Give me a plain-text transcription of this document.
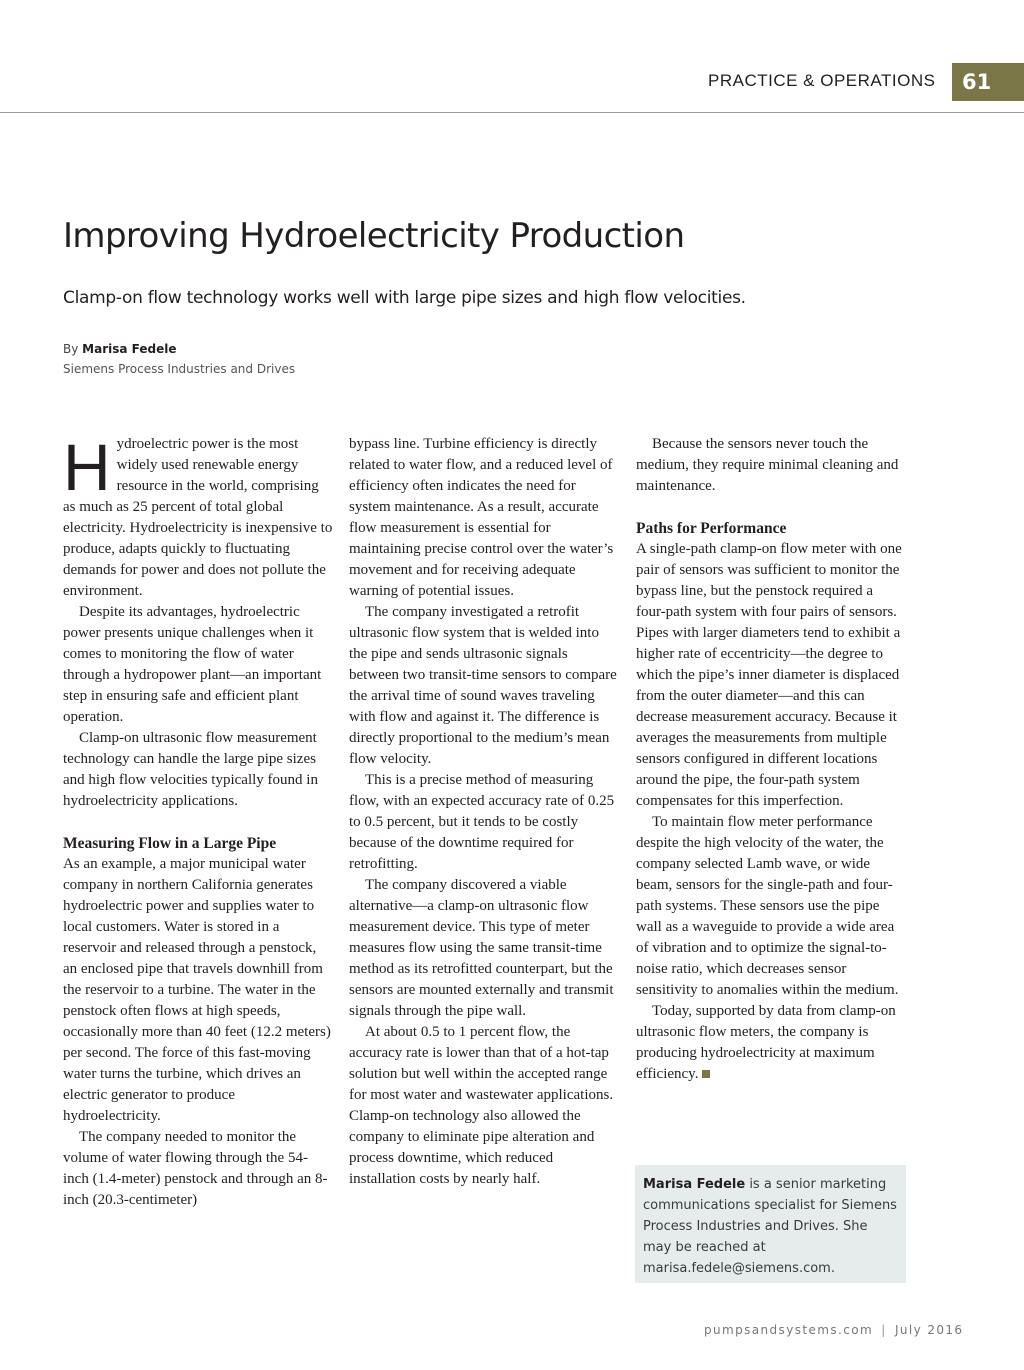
PRACTICE & OPERATIONS	61
Improving Hydroelectricity Production

Clamp-on flow technology works well with large pipe sizes and high flow velocities.

By Marisa Fedele
Siemens Process Industries and Drives

Hydroelectric power is the most widely used renewable energy resource in the world, comprising as much as 25 percent of total global electricity. Hydroelectricity is inexpensive to produce, adapts quickly to fluctuating demands for power and does not pollute the environment.

Despite its advantages, hydroelectric power presents unique challenges when it comes to monitoring the flow of water through a hydropower plant—an important step in ensuring safe and efficient plant operation.

Clamp-on ultrasonic flow measurement technology can handle the large pipe sizes and high flow velocities typically found in hydroelectricity applications.

Measuring Flow in a Large Pipe

As an example, a major municipal water company in northern California generates hydroelectric power and supplies water to local customers. Water is stored in a reservoir and released through a penstock, an enclosed pipe that travels downhill from the reservoir to a turbine. The water in the penstock often flows at high speeds, occasionally more than 40 feet (12.2 meters) per second. The force of this fast-moving water turns the turbine, which drives an electric generator to produce hydroelectricity.

The company needed to monitor the volume of water flowing through the 54-inch (1.4-meter) penstock and through an 8-inch (20.3-centimeter)

bypass line. Turbine efficiency is directly related to water flow, and a reduced level of efficiency often indicates the need for system maintenance. As a result, accurate flow measurement is essential for maintaining precise control over the water’s movement and for receiving adequate warning of potential issues.

The company investigated a retrofit ultrasonic flow system that is welded into the pipe and sends ultrasonic signals between two transit-time sensors to compare the arrival time of sound waves traveling with flow and against it. The difference is directly proportional to the medium’s mean flow velocity.

This is a precise method of measuring flow, with an expected accuracy rate of 0.25 to 0.5 percent, but it tends to be costly because of the downtime required for retrofitting.

The company discovered a viable alternative—a clamp-on ultrasonic flow measurement device. This type of meter measures flow using the same transit-time method as its retrofitted counterpart, but the sensors are mounted externally and transmit signals through the pipe wall.

At about 0.5 to 1 percent flow, the accuracy rate is lower than that of a hot-tap solution but well within the accepted range for most water and wastewater applications. Clamp-on technology also allowed the company to eliminate pipe alteration and process downtime, which reduced installation costs by nearly half.

Because the sensors never touch the medium, they require minimal cleaning and maintenance.

Paths for Performance

A single-path clamp-on flow meter with one pair of sensors was sufficient to monitor the bypass line, but the penstock required a four-path system with four pairs of sensors. Pipes with larger diameters tend to exhibit a higher rate of eccentricity—the degree to which the pipe’s inner diameter is displaced from the outer diameter—and this can decrease measurement accuracy. Because it averages the measurements from multiple sensors configured in different locations around the pipe, the four-path system compensates for this imperfection.

To maintain flow meter performance despite the high velocity of the water, the company selected Lamb wave, or wide beam, sensors for the single-path and four-path systems. These sensors use the pipe wall as a waveguide to provide a wide area of vibration and to optimize the signal-to-noise ratio, which decreases sensor sensitivity to anomalies within the medium.

Today, supported by data from clamp-on ultrasonic flow meters, the company is producing hydroelectricity at maximum efficiency.

Marisa Fedele is a senior marketing communications specialist for Siemens Process Industries and Drives. She may be reached at marisa.fedele@siemens.com.
pumpsandsystems.com | July 2016
